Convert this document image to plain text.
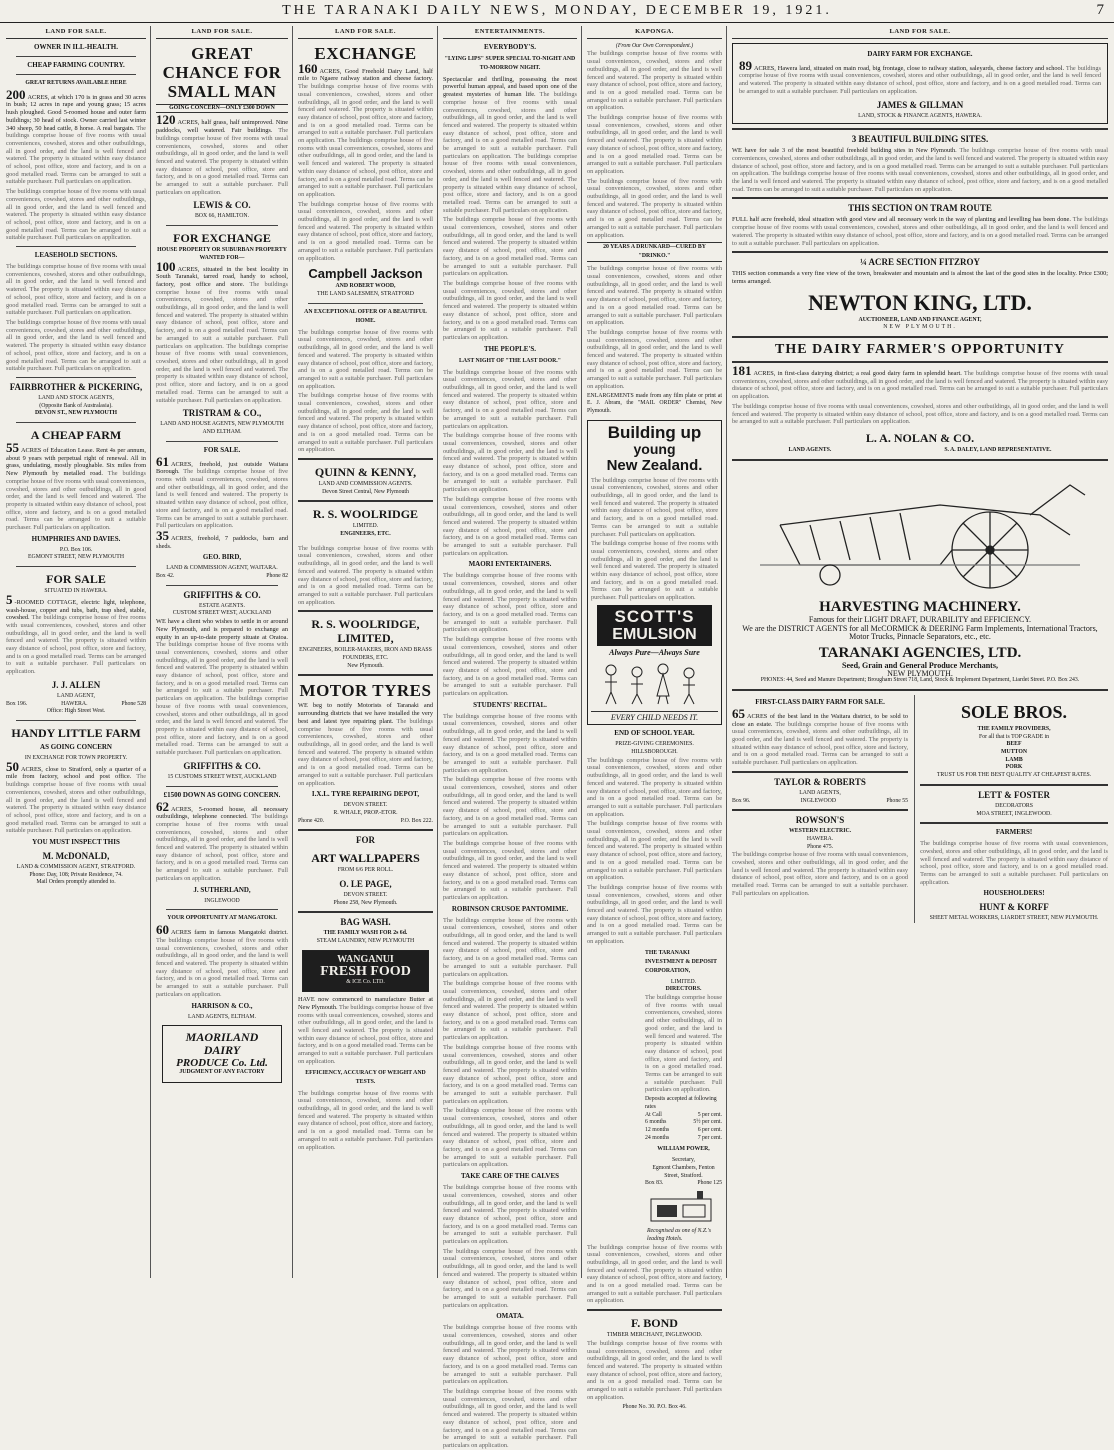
THE TARANAKI DAILY NEWS, MONDAY, DECEMBER 19, 1921.	7
LAND FOR SALE.
OWNER IN ILL-HEALTH.
CHEAP FARMING COUNTRY.
GREAT RETURNS AVAILABLE HERE

200 ACRES, at which 170 is in grass and 30 acres in bush; 12 acres in rape and young grass; 15 acres hush ploughed. Good 5-roomed house and outer farm buildings; 30 head of stock. Owner carried last winter 340 sheep, 50 head cattle, 8 horse. A real bargain. The buildings comprise house of five rooms with usual conveniences, cowshed, stores and other outbuildings, all in good order, and the land is well fenced and watered. The property is situated within easy distance of school, post office, store and factory, and is on a good metalled road. Terms can be arranged to suit a suitable purchaser. Full particulars on application.

The buildings comprise house of five rooms with usual conveniences, cowshed, stores and other outbuildings, all in good order, and the land is well fenced and watered. The property is situated within easy distance of school, post office, store and factory, and is on a good metalled road. Terms can be arranged to suit a suitable purchaser. Full particulars on application.

LEASEHOLD SECTIONS.

The buildings comprise house of five rooms with usual conveniences, cowshed, stores and other outbuildings, all in good order, and the land is well fenced and watered. The property is situated within easy distance of school, post office, store and factory, and is on a good metalled road. Terms can be arranged to suit a suitable purchaser. Full particulars on application.

The buildings comprise house of five rooms with usual conveniences, cowshed, stores and other outbuildings, all in good order, and the land is well fenced and watered. The property is situated within easy distance of school, post office, store and factory, and is on a good metalled road. Terms can be arranged to suit a suitable purchaser. Full particulars on application.

FAIRBROTHER & PICKERING,
LAND AND STOCK AGENTS,
(Opposite Bank of Australasia).
DEVON ST., NEW PLYMOUTH
A CHEAP FARM

55 ACRES of Education Lease. Rent 4s per annum, about 9 years with perpetual right of renewal. All in grass, undulating, mostly ploughable. Six miles from New Plymouth by metalled road. The buildings comprise house of five rooms with usual conveniences, cowshed, stores and other outbuildings, all in good order, and the land is well fenced and watered. The property is situated within easy distance of school, post office, store and factory, and is on a good metalled road. Terms can be arranged to suit a suitable purchaser. Full particulars on application.

HUMPHRIES AND DAVIES.
P.O. Box 106.
EGMONT STREET, NEW PLYMOUTH
FOR SALE
SITUATED IN HAWERA.

5 -ROOMED COTTAGE, electric light, telephone, wash-house, copper and tubs, bath, trap shed, stable, cowshed. The buildings comprise house of five rooms with usual conveniences, cowshed, stores and other outbuildings, all in good order, and the land is well fenced and watered. The property is situated within easy distance of school, post office, store and factory, and is on a good metalled road. Terms can be arranged to suit a suitable purchaser. Full particulars on application.

J. J. ALLEN
LAND AGENT,
Box 196.	HAWERA.	Phone 528
Office: High Street West.
HANDY LITTLE FARM
AS GOING CONCERN
IN EXCHANGE FOR TOWN PROPERTY.

50 ACRES, close to Stratford, only a quarter of a mile from factory, school and post office. The buildings comprise house of five rooms with usual conveniences, cowshed, stores and other outbuildings, all in good order, and the land is well fenced and watered. The property is situated within easy distance of school, post office, store and factory, and is on a good metalled road. Terms can be arranged to suit a suitable purchaser. Full particulars on application.

YOU MUST INSPECT THIS
M. McDONALD,
LAND & COMMISSION AGENT, STRATFORD.
Phone: Day, 108; Private Residence, 74.
Mail Orders promptly attended to.
LAND FOR SALE.
GREAT CHANCE FOR SMALL MAN
GOING CONCERN—ONLY £300 DOWN

120 ACRES, half grass, half unimproved. Nine paddocks, well watered. Fair buildings. The buildings comprise house of five rooms with usual conveniences, cowshed, stores and other outbuildings, all in good order, and the land is well fenced and watered. The property is situated within easy distance of school, post office, store and factory, and is on a good metalled road. Terms can be arranged to suit a suitable purchaser. Full particulars on application.

LEWIS & CO.
BOX 66, HAMILTON.
FOR EXCHANGE
HOUSE PROPERTY OR SUBURBAN PROPERTY WANTED FOR—

100 ACRES, situated in the best locality in South Taranaki, tarred road, handy to school, factory, post office and store. The buildings comprise house of five rooms with usual conveniences, cowshed, stores and other outbuildings, all in good order, and the land is well fenced and watered. The property is situated within easy distance of school, post office, store and factory, and is on a good metalled road. Terms can be arranged to suit a suitable purchaser. Full particulars on application. The buildings comprise house of five rooms with usual conveniences, cowshed, stores and other outbuildings, all in good order, and the land is well fenced and watered. The property is situated within easy distance of school, post office, store and factory, and is on a good metalled road. Terms can be arranged to suit a suitable purchaser. Full particulars on application.

TRISTRAM & CO.,
LAND AND HOUSE AGENTS, NEW PLYMOUTH AND ELTHAM.
FOR SALE.

61 ACRES, freehold, just outside Waitara Borough. The buildings comprise house of five rooms with usual conveniences, cowshed, stores and other outbuildings, all in good order, and the land is well fenced and watered. The property is situated within easy distance of school, post office, store and factory, and is on a good metalled road. Terms can be arranged to suit a suitable purchaser. Full particulars on application.

35 ACRES, freehold, 7 paddocks, barn and sheds.

GEO. BIRD,
LAND & COMMISSION AGENT, WAITARA.
Box 42.	Phone 82
GRIFFITHS & CO.
ESTATE AGENTS.
CUSTOM STREET WEST, AUCKLAND

WE have a client who wishes to settle in or around New Plymouth, and is prepared to exchange an equity in an up-to-date property situate at Oratoa. The buildings comprise house of five rooms with usual conveniences, cowshed, stores and other outbuildings, all in good order, and the land is well fenced and watered. The property is situated within easy distance of school, post office, store and factory, and is on a good metalled road. Terms can be arranged to suit a suitable purchaser. Full particulars on application. The buildings comprise house of five rooms with usual conveniences, cowshed, stores and other outbuildings, all in good order, and the land is well fenced and watered. The property is situated within easy distance of school, post office, store and factory, and is on a good metalled road. Terms can be arranged to suit a suitable purchaser. Full particulars on application.

GRIFFITHS & CO.
15 CUSTOMS STREET WEST, AUCKLAND
£1500 DOWN AS GOING CONCERN.

62 ACRES, 5-roomed house, all necessary outbuildings, telephone connected. The buildings comprise house of five rooms with usual conveniences, cowshed, stores and other outbuildings, all in good order, and the land is well fenced and watered. The property is situated within easy distance of school, post office, store and factory, and is on a good metalled road. Terms can be arranged to suit a suitable purchaser. Full particulars on application.

J. SUTHERLAND,
INGLEWOOD
YOUR OPPORTUNITY AT MANGATOKI.

60 ACRES farm in famous Mangatoki district. The buildings comprise house of five rooms with usual conveniences, cowshed, stores and other outbuildings, all in good order, and the land is well fenced and watered. The property is situated within easy distance of school, post office, store and factory, and is on a good metalled road. Terms can be arranged to suit a suitable purchaser. Full particulars on application.

HARRISON & CO.,
LAND AGENTS, ELTHAM.
MAORILAND DAIRY
PRODUCE Co. Ltd.
JUDGMENT OF ANY FACTORY
LAND FOR SALE.
EXCHANGE

160 ACRES, Good Freehold Dairy Land, half mile to Ngaere railway station and cheese factory. The buildings comprise house of five rooms with usual conveniences, cowshed, stores and other outbuildings, all in good order, and the land is well fenced and watered. The property is situated within easy distance of school, post office, store and factory, and is on a good metalled road. Terms can be arranged to suit a suitable purchaser. Full particulars on application. The buildings comprise house of five rooms with usual conveniences, cowshed, stores and other outbuildings, all in good order, and the land is well fenced and watered. The property is situated within easy distance of school, post office, store and factory, and is on a good metalled road. Terms can be arranged to suit a suitable purchaser. Full particulars on application.

The buildings comprise house of five rooms with usual conveniences, cowshed, stores and other outbuildings, all in good order, and the land is well fenced and watered. The property is situated within easy distance of school, post office, store and factory, and is on a good metalled road. Terms can be arranged to suit a suitable purchaser. Full particulars on application.

Campbell Jackson
AND ROBERT WOOD,
THE LAND SALESMEN, STRATFORD
AN EXCEPTIONAL OFFER OF A BEAUTIFUL HOME.

The buildings comprise house of five rooms with usual conveniences, cowshed, stores and other outbuildings, all in good order, and the land is well fenced and watered. The property is situated within easy distance of school, post office, store and factory, and is on a good metalled road. Terms can be arranged to suit a suitable purchaser. Full particulars on application.

The buildings comprise house of five rooms with usual conveniences, cowshed, stores and other outbuildings, all in good order, and the land is well fenced and watered. The property is situated within easy distance of school, post office, store and factory, and is on a good metalled road. Terms can be arranged to suit a suitable purchaser. Full particulars on application.

QUINN & KENNY,
LAND AND COMMISSION AGENTS.
Devon Street Central, New Plymouth
R. S. WOOLRIDGE
LIMITED.
ENGINEERS, ETC.

The buildings comprise house of five rooms with usual conveniences, cowshed, stores and other outbuildings, all in good order, and the land is well fenced and watered. The property is situated within easy distance of school, post office, store and factory, and is on a good metalled road. Terms can be arranged to suit a suitable purchaser. Full particulars on application.

R. S. WOOLRIDGE, LIMITED,
ENGINEERS, BOILER-MAKERS, IRON AND BRASS FOUNDERS, ETC.
New Plymouth.
MOTOR TYRES

WE beg to notify Motorists of Taranaki and surrounding districts that we have installed the very best and latest tyre repairing plant. The buildings comprise house of five rooms with usual conveniences, cowshed, stores and other outbuildings, all in good order, and the land is well fenced and watered. The property is situated within easy distance of school, post office, store and factory, and is on a good metalled road. Terms can be arranged to suit a suitable purchaser. Full particulars on application.

I.X.L. TYRE REPAIRING DEPOT,
DEVON STREET.
R. WHALE, PROP.-ETOR.
Phone 420.	P.O. Box 222.
FOR
ART WALLPAPERS
FROM 6/6 PER ROLL.
O. LE PAGE,
DEVON STREET.
Phone 258, New Plymouth.
BAG WASH.
THE FAMILY WASH FOR 2s 6d.
STEAM LAUNDRY, NEW PLYMOUTH
WANGANUI
FRESH FOOD
& ICE Co. LTD.

HAVE now commenced to manufacture Butter at New Plymouth. The buildings comprise house of five rooms with usual conveniences, cowshed, stores and other outbuildings, all in good order, and the land is well fenced and watered. The property is situated within easy distance of school, post office, store and factory, and is on a good metalled road. Terms can be arranged to suit a suitable purchaser. Full particulars on application.

EFFICIENCY, ACCURACY OF WEIGHT AND TESTS.

The buildings comprise house of five rooms with usual conveniences, cowshed, stores and other outbuildings, all in good order, and the land is well fenced and watered. The property is situated within easy distance of school, post office, store and factory, and is on a good metalled road. Terms can be arranged to suit a suitable purchaser. Full particulars on application.

ENTERTAINMENTS.
EVERYBODY'S.
"LYING LIPS" SUPER SPECIAL TO-NIGHT AND TO-MORROW NIGHT.

Spectacular and thrilling, possessing the most powerful human appeal, and based upon one of the greatest mysteries of human life. The buildings comprise house of five rooms with usual conveniences, cowshed, stores and other outbuildings, all in good order, and the land is well fenced and watered. The property is situated within easy distance of school, post office, store and factory, and is on a good metalled road. Terms can be arranged to suit a suitable purchaser. Full particulars on application. The buildings comprise house of five rooms with usual conveniences, cowshed, stores and other outbuildings, all in good order, and the land is well fenced and watered. The property is situated within easy distance of school, post office, store and factory, and is on a good metalled road. Terms can be arranged to suit a suitable purchaser. Full particulars on application.

The buildings comprise house of five rooms with usual conveniences, cowshed, stores and other outbuildings, all in good order, and the land is well fenced and watered. The property is situated within easy distance of school, post office, store and factory, and is on a good metalled road. Terms can be arranged to suit a suitable purchaser. Full particulars on application.

The buildings comprise house of five rooms with usual conveniences, cowshed, stores and other outbuildings, all in good order, and the land is well fenced and watered. The property is situated within easy distance of school, post office, store and factory, and is on a good metalled road. Terms can be arranged to suit a suitable purchaser. Full particulars on application.

THE PEOPLE'S.
LAST NIGHT OF "THE LAST DOOR."

The buildings comprise house of five rooms with usual conveniences, cowshed, stores and other outbuildings, all in good order, and the land is well fenced and watered. The property is situated within easy distance of school, post office, store and factory, and is on a good metalled road. Terms can be arranged to suit a suitable purchaser. Full particulars on application.

The buildings comprise house of five rooms with usual conveniences, cowshed, stores and other outbuildings, all in good order, and the land is well fenced and watered. The property is situated within easy distance of school, post office, store and factory, and is on a good metalled road. Terms can be arranged to suit a suitable purchaser. Full particulars on application.

The buildings comprise house of five rooms with usual conveniences, cowshed, stores and other outbuildings, all in good order, and the land is well fenced and watered. The property is situated within easy distance of school, post office, store and factory, and is on a good metalled road. Terms can be arranged to suit a suitable purchaser. Full particulars on application.

MAORI ENTERTAINERS.

The buildings comprise house of five rooms with usual conveniences, cowshed, stores and other outbuildings, all in good order, and the land is well fenced and watered. The property is situated within easy distance of school, post office, store and factory, and is on a good metalled road. Terms can be arranged to suit a suitable purchaser. Full particulars on application.

The buildings comprise house of five rooms with usual conveniences, cowshed, stores and other outbuildings, all in good order, and the land is well fenced and watered. The property is situated within easy distance of school, post office, store and factory, and is on a good metalled road. Terms can be arranged to suit a suitable purchaser. Full particulars on application.

STUDENTS' RECITAL.

The buildings comprise house of five rooms with usual conveniences, cowshed, stores and other outbuildings, all in good order, and the land is well fenced and watered. The property is situated within easy distance of school, post office, store and factory, and is on a good metalled road. Terms can be arranged to suit a suitable purchaser. Full particulars on application.

The buildings comprise house of five rooms with usual conveniences, cowshed, stores and other outbuildings, all in good order, and the land is well fenced and watered. The property is situated within easy distance of school, post office, store and factory, and is on a good metalled road. Terms can be arranged to suit a suitable purchaser. Full particulars on application.

The buildings comprise house of five rooms with usual conveniences, cowshed, stores and other outbuildings, all in good order, and the land is well fenced and watered. The property is situated within easy distance of school, post office, store and factory, and is on a good metalled road. Terms can be arranged to suit a suitable purchaser. Full particulars on application.

ROBINSON CRUSOE PANTOMIME.

The buildings comprise house of five rooms with usual conveniences, cowshed, stores and other outbuildings, all in good order, and the land is well fenced and watered. The property is situated within easy distance of school, post office, store and factory, and is on a good metalled road. Terms can be arranged to suit a suitable purchaser. Full particulars on application.

The buildings comprise house of five rooms with usual conveniences, cowshed, stores and other outbuildings, all in good order, and the land is well fenced and watered. The property is situated within easy distance of school, post office, store and factory, and is on a good metalled road. Terms can be arranged to suit a suitable purchaser. Full particulars on application.

The buildings comprise house of five rooms with usual conveniences, cowshed, stores and other outbuildings, all in good order, and the land is well fenced and watered. The property is situated within easy distance of school, post office, store and factory, and is on a good metalled road. Terms can be arranged to suit a suitable purchaser. Full particulars on application.

The buildings comprise house of five rooms with usual conveniences, cowshed, stores and other outbuildings, all in good order, and the land is well fenced and watered. The property is situated within easy distance of school, post office, store and factory, and is on a good metalled road. Terms can be arranged to suit a suitable purchaser. Full particulars on application.

TAKE CARE OF THE CALVES

The buildings comprise house of five rooms with usual conveniences, cowshed, stores and other outbuildings, all in good order, and the land is well fenced and watered. The property is situated within easy distance of school, post office, store and factory, and is on a good metalled road. Terms can be arranged to suit a suitable purchaser. Full particulars on application.

The buildings comprise house of five rooms with usual conveniences, cowshed, stores and other outbuildings, all in good order, and the land is well fenced and watered. The property is situated within easy distance of school, post office, store and factory, and is on a good metalled road. Terms can be arranged to suit a suitable purchaser. Full particulars on application.

OMATA.

The buildings comprise house of five rooms with usual conveniences, cowshed, stores and other outbuildings, all in good order, and the land is well fenced and watered. The property is situated within easy distance of school, post office, store and factory, and is on a good metalled road. Terms can be arranged to suit a suitable purchaser. Full particulars on application.

The buildings comprise house of five rooms with usual conveniences, cowshed, stores and other outbuildings, all in good order, and the land is well fenced and watered. The property is situated within easy distance of school, post office, store and factory, and is on a good metalled road. Terms can be arranged to suit a suitable purchaser. Full particulars on application.

KAPONGA.
(From Our Own Correspondent.)

The buildings comprise house of five rooms with usual conveniences, cowshed, stores and other outbuildings, all in good order, and the land is well fenced and watered. The property is situated within easy distance of school, post office, store and factory, and is on a good metalled road. Terms can be arranged to suit a suitable purchaser. Full particulars on application.

The buildings comprise house of five rooms with usual conveniences, cowshed, stores and other outbuildings, all in good order, and the land is well fenced and watered. The property is situated within easy distance of school, post office, store and factory, and is on a good metalled road. Terms can be arranged to suit a suitable purchaser. Full particulars on application.

The buildings comprise house of five rooms with usual conveniences, cowshed, stores and other outbuildings, all in good order, and the land is well fenced and watered. The property is situated within easy distance of school, post office, store and factory, and is on a good metalled road. Terms can be arranged to suit a suitable purchaser. Full particulars on application.

20 YEARS A DRUNKARD—CURED BY "DRINKO."

The buildings comprise house of five rooms with usual conveniences, cowshed, stores and other outbuildings, all in good order, and the land is well fenced and watered. The property is situated within easy distance of school, post office, store and factory, and is on a good metalled road. Terms can be arranged to suit a suitable purchaser. Full particulars on application.

The buildings comprise house of five rooms with usual conveniences, cowshed, stores and other outbuildings, all in good order, and the land is well fenced and watered. The property is situated within easy distance of school, post office, store and factory, and is on a good metalled road. Terms can be arranged to suit a suitable purchaser. Full particulars on application.

ENLARGEMENTS made from any film plate or print at E. J. Abram, the "MAIL ORDER" Chemist, New Plymouth.

Building up
young
New Zealand.

The buildings comprise house of five rooms with usual conveniences, cowshed, stores and other outbuildings, all in good order, and the land is well fenced and watered. The property is situated within easy distance of school, post office, store and factory, and is on a good metalled road. Terms can be arranged to suit a suitable purchaser. Full particulars on application.

The buildings comprise house of five rooms with usual conveniences, cowshed, stores and other outbuildings, all in good order, and the land is well fenced and watered. The property is situated within easy distance of school, post office, store and factory, and is on a good metalled road. Terms can be arranged to suit a suitable purchaser. Full particulars on application.

SCOTT'S
EMULSION
Always Pure—Always Sure
EVERY CHILD NEEDS IT.
END OF SCHOOL YEAR.
PRIZE-GIVING CEREMONIES.
HILLSBOROUGH.

The buildings comprise house of five rooms with usual conveniences, cowshed, stores and other outbuildings, all in good order, and the land is well fenced and watered. The property is situated within easy distance of school, post office, store and factory, and is on a good metalled road. Terms can be arranged to suit a suitable purchaser. Full particulars on application.

The buildings comprise house of five rooms with usual conveniences, cowshed, stores and other outbuildings, all in good order, and the land is well fenced and watered. The property is situated within easy distance of school, post office, store and factory, and is on a good metalled road. Terms can be arranged to suit a suitable purchaser. Full particulars on application.

The buildings comprise house of five rooms with usual conveniences, cowshed, stores and other outbuildings, all in good order, and the land is well fenced and watered. The property is situated within easy distance of school, post office, store and factory, and is on a good metalled road. Terms can be arranged to suit a suitable purchaser. Full particulars on application.

THE TARANAKI INVESTMENT & DEPOSIT CORPORATION,
LIMITED.
DIRECTORS.

The buildings comprise house of five rooms with usual conveniences, cowshed, stores and other outbuildings, all in good order, and the land is well fenced and watered. The property is situated within easy distance of school, post office, store and factory, and is on a good metalled road. Terms can be arranged to suit a suitable purchaser. Full particulars on application.

Deposits accepted at following rates
At Call	5 per cent.
6 months	5½ per cent.
12 months	6 per cent.
24 months	7 per cent.
WILLIAM POWER,
Secretary,
Egmont Chambers, Fenton Street, Stratford.
Box 83.	Phone 125
Recognised as one of N.Z.'s leading Hotels.

The buildings comprise house of five rooms with usual conveniences, cowshed, stores and other outbuildings, all in good order, and the land is well fenced and watered. The property is situated within easy distance of school, post office, store and factory, and is on a good metalled road. Terms can be arranged to suit a suitable purchaser. Full particulars on application.

F. BOND
TIMBER MERCHANT, INGLEWOOD.

The buildings comprise house of five rooms with usual conveniences, cowshed, stores and other outbuildings, all in good order, and the land is well fenced and watered. The property is situated within easy distance of school, post office, store and factory, and is on a good metalled road. Terms can be arranged to suit a suitable purchaser. Full particulars on application.

Phone No. 30. P.O. Box 46.
LAND FOR SALE.
DAIRY FARM FOR EXCHANGE.

89 ACRES, Hawera land, situated on main road, big frontage, close to railway station, saleyards, cheese factory and school. The buildings comprise house of five rooms with usual conveniences, cowshed, stores and other outbuildings, all in good order, and the land is well fenced and watered. The property is situated within easy distance of school, post office, store and factory, and is on a good metalled road. Terms can be arranged to suit a suitable purchaser. Full particulars on application.

JAMES & GILLMAN
LAND, STOCK & FINANCE AGENTS, HAWERA.
3 BEAUTIFUL BUILDING SITES.

WE have for sale 3 of the most beautiful freehold building sites in New Plymouth. The buildings comprise house of five rooms with usual conveniences, cowshed, stores and other outbuildings, all in good order, and the land is well fenced and watered. The property is situated within easy distance of school, post office, store and factory, and is on a good metalled road. Terms can be arranged to suit a suitable purchaser. Full particulars on application. The buildings comprise house of five rooms with usual conveniences, cowshed, stores and other outbuildings, all in good order, and the land is well fenced and watered. The property is situated within easy distance of school, post office, store and factory, and is on a good metalled road. Terms can be arranged to suit a suitable purchaser. Full particulars on application.

THIS SECTION ON TRAM ROUTE

FULL half acre freehold, ideal situation with good view and all necessary work in the way of planting and levelling has been done. The buildings comprise house of five rooms with usual conveniences, cowshed, stores and other outbuildings, all in good order, and the land is well fenced and watered. The property is situated within easy distance of school, post office, store and factory, and is on a good metalled road. Terms can be arranged to suit a suitable purchaser. Full particulars on application.

¼ ACRE SECTION FITZROY

THIS section commands a very fine view of the town, breakwater and mountain and is almost the last of the good sites in the locality. Price £300; terms arranged.

NEWTON KING, LTD.
AUCTIONEER, LAND AND FINANCE AGENT,
NEW PLYMOUTH.
THE DAIRY FARMER'S OPPORTUNITY

181 ACRES, in first-class dairying district; a real good dairy farm in splendid heart. The buildings comprise house of five rooms with usual conveniences, cowshed, stores and other outbuildings, all in good order, and the land is well fenced and watered. The property is situated within easy distance of school, post office, store and factory, and is on a good metalled road. Terms can be arranged to suit a suitable purchaser. Full particulars on application.

The buildings comprise house of five rooms with usual conveniences, cowshed, stores and other outbuildings, all in good order, and the land is well fenced and watered. The property is situated within easy distance of school, post office, store and factory, and is on a good metalled road. Terms can be arranged to suit a suitable purchaser. Full particulars on application.

L. A. NOLAN & CO.
LAND AGENTS.	S. A. DALEY, LAND REPRESENTATIVE.
HARVESTING MACHINERY.
Famous for their LIGHT DRAFT, DURABILITY and EFFICIENCY.
We are the DISTRICT AGENTS for all McCORMICK & DEERING Farm Implements, International Tractors, Motor Trucks, Pinnacle Separators, etc., etc.
TARANAKI AGENCIES, LTD.
Seed, Grain and General Produce Merchants,
NEW PLYMOUTH.
PHONES: 44, Seed and Manure Department; Brougham Street 718, Land, Stock & Implement Department, Liardet Street. P.O. Box 243.
FIRST-CLASS DAIRY FARM FOR SALE.

65 ACRES of the best land in the Waitara district, to be sold to close an estate. The buildings comprise house of five rooms with usual conveniences, cowshed, stores and other outbuildings, all in good order, and the land is well fenced and watered. The property is situated within easy distance of school, post office, store and factory, and is on a good metalled road. Terms can be arranged to suit a suitable purchaser. Full particulars on application.

TAYLOR & ROBERTS
LAND AGENTS,
Box 96.	INGLEWOOD	Phone 55
ROWSON'S
WESTERN ELECTRIC.
HAWERA.
Phone 475.

The buildings comprise house of five rooms with usual conveniences, cowshed, stores and other outbuildings, all in good order, and the land is well fenced and watered. The property is situated within easy distance of school, post office, store and factory, and is on a good metalled road. Terms can be arranged to suit a suitable purchaser. Full particulars on application.

SOLE BROS.
THE FAMILY PROVIDERS,
For all that is TOP GRADE in
BEEF
MUTTON
LAMB
PORK
TRUST US FOR THE BEST QUALITY AT CHEAPEST RATES.
LETT & FOSTER
DECORATORS
MOA STREET, INGLEWOOD.
FARMERS!

The buildings comprise house of five rooms with usual conveniences, cowshed, stores and other outbuildings, all in good order, and the land is well fenced and watered. The property is situated within easy distance of school, post office, store and factory, and is on a good metalled road. Terms can be arranged to suit a suitable purchaser. Full particulars on application.

HOUSEHOLDERS!
HUNT & KORFF
SHEET METAL WORKERS, LIARDET STREET, NEW PLYMOUTH.
